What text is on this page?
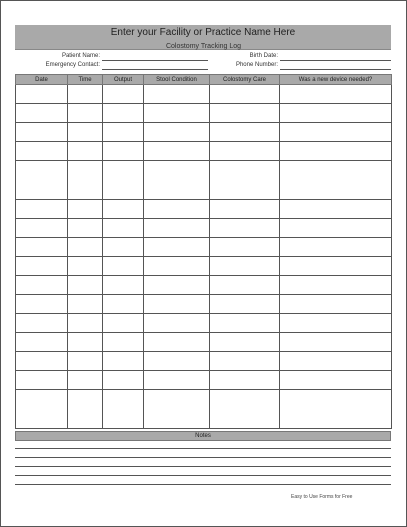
Enter your Facility or Practice Name Here
Colostomy Tracking Log
Patient Name:	Birth Date:
Emergency Contact:	Phone Number:
Date	Time	Output	Stool Condition	Colostomy Care	Was a new device needed?

Notes
Easy to Use Forms for Free
